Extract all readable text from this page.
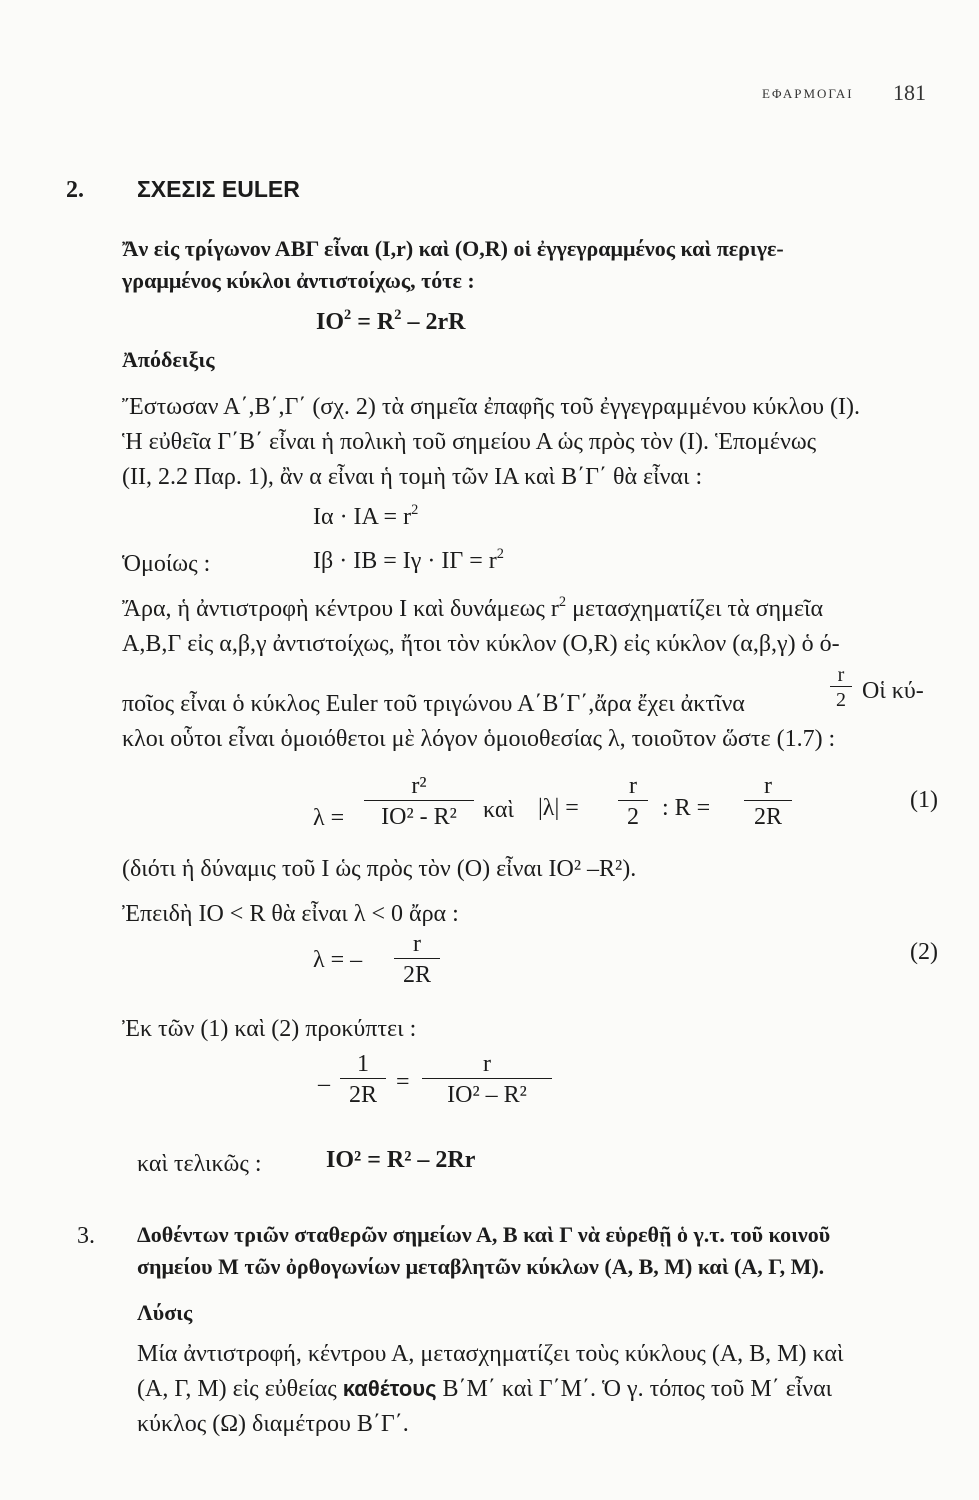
ΕΦΑΡΜΟΓΑΙ 181
2. ΣΧΕΣΙΣ EULER
Ἄν εἰς τρίγωνον ΑΒΓ εἶναι (Ι,r) καὶ (Ο,R) οἱ ἐγγεγραμμένος καὶ περιγε-
γραμμένος κύκλοι ἀντιστοίχως, τότε :
$IO^2 = R^2 - 2rR$
Ἀπόδειξις
Ἔστωσαν Α΄,Β΄,Γ΄ (σχ. 2) τὰ σημεῖα ἐπαφῆς τοῦ ἐγγεγραμμένου κύκλου (Ι).
Ἡ εὐθεῖα Γ΄Β΄ εἶναι ἡ πολικὴ τοῦ σημείου Α ὡς πρὸς τὸν (Ι). Ἑπομένως
(ΙΙ, 2.2 Παρ. 1), ἂν α εἶναι ἡ τομὴ τῶν ΙΑ καὶ Β΄Γ΄ θὰ εἶναι :
$I\alpha \cdot IA = r^2$
Ὁμοίως :	$I\beta \cdot IB = I\gamma \cdot I\Gamma = r^2$
Ἄρα, ἡ ἀντιστροφὴ κέντρου Ι καὶ δυνάμεως $r^2$ μετασχηματίζει τὰ σημεῖα
Α,Β,Γ εἰς α,β,γ ἀντιστοίχως, ἤτοι τὸν κύκλον (Ο,R) εἰς κύκλον (α,β,γ) ὁ ό-
ποῖος εἶναι ὁ κύκλος Euler τοῦ τριγώνου Α΄Β΄Γ΄,ἄρα ἔχει ἀκτῖνα	$\frac{r}{2}$ Οἱ κύ-
κλοι οὗτοι εἶναι ὁμοιόθετοι μὲ λόγον ὁμοιοθεσίας λ, τοιοῦτον ὥστε (1.7) :
$\lambda = \frac{\text{r²}}{\text{ΙΟ² - R²}}$ καὶ $|\lambda| = \frac{r}{2}$ : $R = \frac{r}{2R}$	(1)
(διότι ἡ δύναμις τοῦ Ι ὡς πρὸς τὸν (Ο) εἶναι ΙΟ² –R²).
Ἐπειδὴ ΙΟ < R θὰ εἶναι λ < 0 ἄρα :
λ = – $\frac{r}{2R}$	(2)
Ἐκ τῶν (1) καὶ (2) προκύπτει :
– $\frac{1}{2R} = \frac{r}{\text{ΙΟ² – R²}}$
καὶ τελικῶς :	ΙΟ² = R² – 2Rr
3. Δοθέντων τριῶν σταθερῶν σημείων Α, Β καὶ Γ νὰ εὑρεθῇ ὁ γ.τ. τοῦ κοινοῦ
σημείου Μ τῶν ὀρθογωνίων μεταβλητῶν κύκλων (Α, Β, Μ) καὶ (Α, Γ, Μ).
Λύσις
Μία ἀντιστροφή, κέντρου Α, μετασχηματίζει τοὺς κύκλους (Α, Β, Μ) καὶ
(Α, Γ, Μ) εἰς εὐθείας καθέτους Β΄Μ΄ καὶ Γ΄Μ΄. Ὁ γ. τόπος τοῦ Μ΄ εἶναι
κύκλος (Ω) διαμέτρου Β΄Γ΄.
